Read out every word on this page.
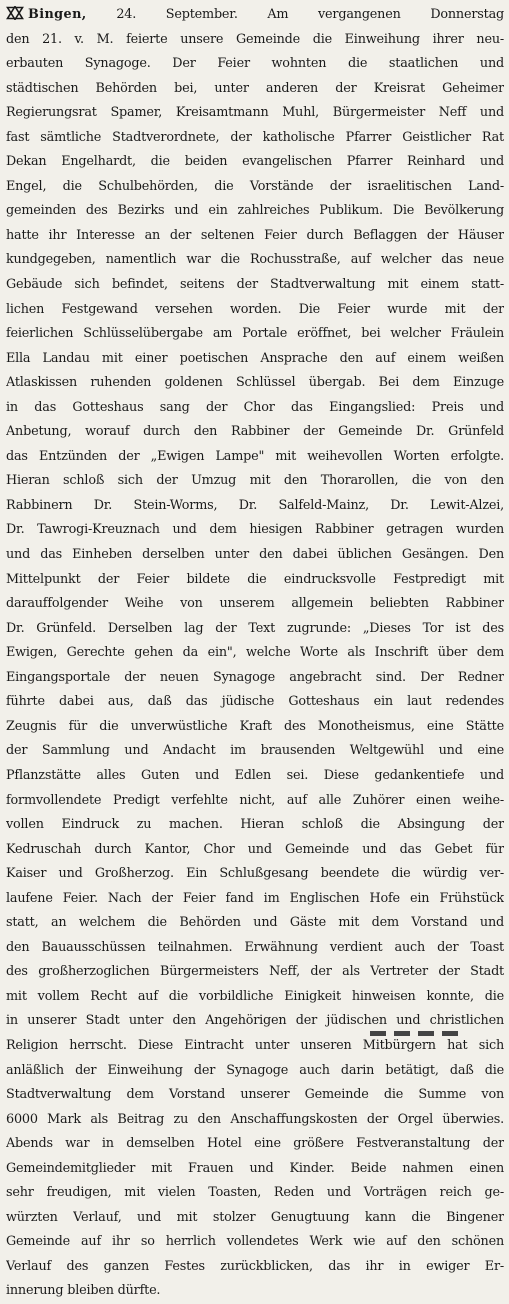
Bingen, 24. September. Am vergangenen Donnerstag
den 21. v. M. feierte unsere Gemeinde die Einweihung ihrer neu-
erbauten Synagoge. Der Feier wohnten die staatlichen und
städtischen Behörden bei, unter anderen der Kreisrat Geheimer
Regierungsrat Spamer, Kreisamtmann Muhl, Bürgermeister Neff und
fast sämtliche Stadtverordnete, der katholische Pfarrer Geistlicher Rat
Dekan Engelhardt, die beiden evangelischen Pfarrer Reinhard und
Engel, die Schulbehörden, die Vorstände der israelitischen Land-
gemeinden des Bezirks und ein zahlreiches Publikum. Die Bevölkerung
hatte ihr Interesse an der seltenen Feier durch Beflaggen der Häuser
kundgegeben, namentlich war die Rochusstraße, auf welcher das neue
Gebäude sich befindet, seitens der Stadtverwaltung mit einem statt-
lichen Festgewand versehen worden. Die Feier wurde mit der
feierlichen Schlüsselübergabe am Portale eröffnet, bei welcher Fräulein
Ella Landau mit einer poetischen Ansprache den auf einem weißen
Atlaskissen ruhenden goldenen Schlüssel übergab. Bei dem Einzuge
in das Gotteshaus sang der Chor das Eingangslied: Preis und
Anbetung, worauf durch den Rabbiner der Gemeinde Dr. Grünfeld
das Entzünden der „Ewigen Lampe" mit weihevollen Worten erfolgte.
Hieran schloß sich der Umzug mit den Thorarollen, die von den
Rabbinern Dr. Stein-Worms, Dr. Salfeld-Mainz, Dr. Lewit-Alzei,
Dr. Tawrogi-Kreuznach und dem hiesigen Rabbiner getragen wurden
und das Einheben derselben unter den dabei üblichen Gesängen. Den
Mittelpunkt der Feier bildete die eindrucksvolle Festpredigt mit
darauffolgender Weihe von unserem allgemein beliebten Rabbiner
Dr. Grünfeld. Derselben lag der Text zugrunde: „Dieses Tor ist des
Ewigen, Gerechte gehen da ein", welche Worte als Inschrift über dem
Eingangsportale der neuen Synagoge angebracht sind. Der Redner
führte dabei aus, daß das jüdische Gotteshaus ein laut redendes
Zeugnis für die unverwüstliche Kraft des Monotheismus, eine Stätte
der Sammlung und Andacht im brausenden Weltgewühl und eine
Pflanzstätte alles Guten und Edlen sei. Diese gedankentiefe und
formvollendete Predigt verfehlte nicht, auf alle Zuhörer einen weihe-
vollen Eindruck zu machen. Hieran schloß die Absingung der
Kedruschah durch Kantor, Chor und Gemeinde und das Gebet für
Kaiser und Großherzog. Ein Schlußgesang beendete die würdig ver-
laufene Feier. Nach der Feier fand im Englischen Hofe ein Frühstück
statt, an welchem die Behörden und Gäste mit dem Vorstand und
den Bauausschüssen teilnahmen. Erwähnung verdient auch der Toast
des großherzoglichen Bürgermeisters Neff, der als Vertreter der Stadt
mit vollem Recht auf die vorbildliche Einigkeit hinweisen konnte, die
in unserer Stadt unter den Angehörigen der jüdischen und christlichen
Religion herrscht. Diese Eintracht unter unseren Mitbürgern hat sich
anläßlich der Einweihung der Synagoge auch darin betätigt, daß die
Stadtverwaltung dem Vorstand unserer Gemeinde die Summe von
6000 Mark als Beitrag zu den Anschaffungskosten der Orgel überwies.
Abends war in demselben Hotel eine größere Festveranstaltung der
Gemeindemitglieder mit Frauen und Kinder. Beide nahmen einen
sehr freudigen, mit vielen Toasten, Reden und Vorträgen reich ge-
würzten Verlauf, und mit stolzer Genugtuung kann die Bingener
Gemeinde auf ihr so herrlich vollendetes Werk wie auf den schönen
Verlauf des ganzen Festes zurückblicken, das ihr in ewiger Er-
innerung bleiben dürfte.
